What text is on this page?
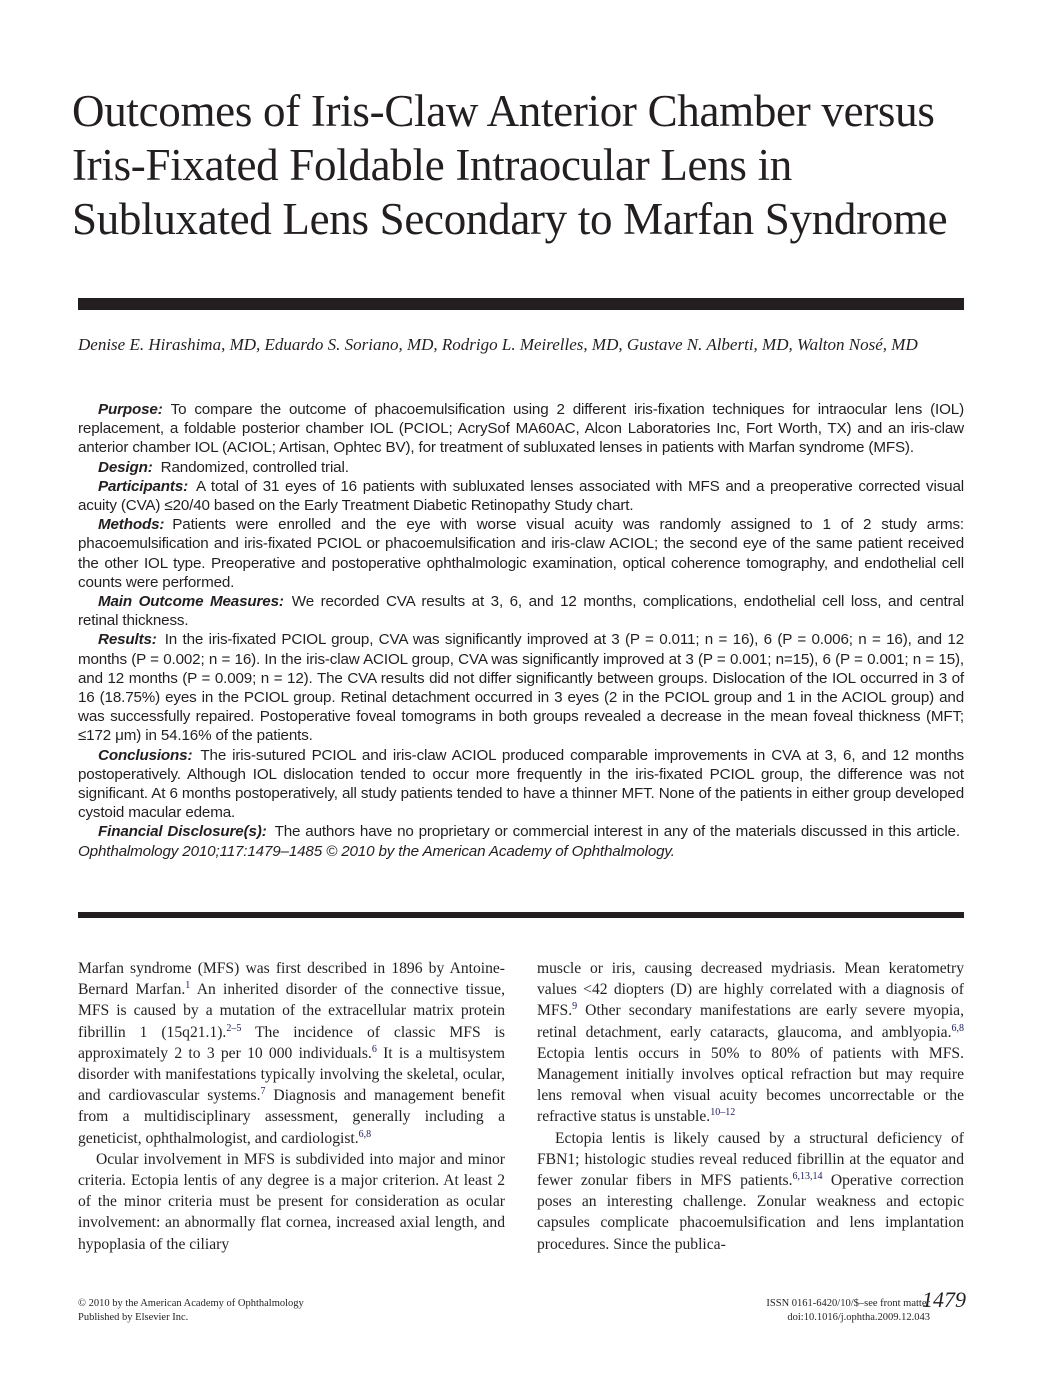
Outcomes of Iris-Claw Anterior Chamber versus Iris-Fixated Foldable Intraocular Lens in Subluxated Lens Secondary to Marfan Syndrome
Denise E. Hirashima, MD, Eduardo S. Soriano, MD, Rodrigo L. Meirelles, MD, Gustave N. Alberti, MD, Walton Nosé, MD

Purpose: To compare the outcome of phacoemulsification using 2 different iris-fixation techniques for intraocular lens (IOL) replacement, a foldable posterior chamber IOL (PCIOL; AcrySof MA60AC, Alcon Laboratories Inc, Fort Worth, TX) and an iris-claw anterior chamber IOL (ACIOL; Artisan, Ophtec BV), for treatment of subluxated lenses in patients with Marfan syndrome (MFS).

Design: Randomized, controlled trial.

Participants: A total of 31 eyes of 16 patients with subluxated lenses associated with MFS and a preoperative corrected visual acuity (CVA) ≤20/40 based on the Early Treatment Diabetic Retinopathy Study chart.

Methods: Patients were enrolled and the eye with worse visual acuity was randomly assigned to 1 of 2 study arms: phacoemulsification and iris-fixated PCIOL or phacoemulsification and iris-claw ACIOL; the second eye of the same patient received the other IOL type. Preoperative and postoperative ophthalmologic examination, optical coherence tomography, and endothelial cell counts were performed.

Main Outcome Measures: We recorded CVA results at 3, 6, and 12 months, complications, endothelial cell loss, and central retinal thickness.

Results: In the iris-fixated PCIOL group, CVA was significantly improved at 3 (P = 0.011; n = 16), 6 (P = 0.006; n = 16), and 12 months (P = 0.002; n = 16). In the iris-claw ACIOL group, CVA was significantly improved at 3 (P = 0.001; n=15), 6 (P = 0.001; n = 15), and 12 months (P = 0.009; n = 12). The CVA results did not differ significantly between groups. Dislocation of the IOL occurred in 3 of 16 (18.75%) eyes in the PCIOL group. Retinal detachment occurred in 3 eyes (2 in the PCIOL group and 1 in the ACIOL group) and was successfully repaired. Postoperative foveal tomograms in both groups revealed a decrease in the mean foveal thickness (MFT; ≤172 μm) in 54.16% of the patients.

Conclusions: The iris-sutured PCIOL and iris-claw ACIOL produced comparable improvements in CVA at 3, 6, and 12 months postoperatively. Although IOL dislocation tended to occur more frequently in the iris-fixated PCIOL group, the difference was not significant. At 6 months postoperatively, all study patients tended to have a thinner MFT. None of the patients in either group developed cystoid macular edema.

Financial Disclosure(s): The authors have no proprietary or commercial interest in any of the materials discussed in this article.  Ophthalmology 2010;117:1479–1485 © 2010 by the American Academy of Ophthalmology.

Marfan syndrome (MFS) was first described in 1896 by Antoine-Bernard Marfan.$^1$ An inherited disorder of the connective tissue, MFS is caused by a mutation of the extracellular matrix protein fibrillin 1 (15q21.1).$^{2-5}$ The incidence of classic MFS is approximately 2 to 3 per 10 000 individuals.$^6$ It is a multisystem disorder with manifestations typically involving the skeletal, ocular, and cardiovascular systems.$^7$ Diagnosis and management benefit from a multidisciplinary assessment, generally including a geneticist, ophthalmologist, and cardiologist.$^{6,8}$

Ocular involvement in MFS is subdivided into major and minor criteria. Ectopia lentis of any degree is a major criterion. At least 2 of the minor criteria must be present for consideration as ocular involvement: an abnormally flat cornea, increased axial length, and hypoplasia of the ciliary

muscle or iris, causing decreased mydriasis. Mean keratometry values <42 diopters (D) are highly correlated with a diagnosis of MFS.$^9$ Other secondary manifestations are early severe myopia, retinal detachment, early cataracts, glaucoma, and amblyopia.$^{6,8}$ Ectopia lentis occurs in 50% to 80% of patients with MFS. Management initially involves optical refraction but may require lens removal when visual acuity becomes uncorrectable or the refractive status is unstable.$^{10-12}$

Ectopia lentis is likely caused by a structural deficiency of FBN1; histologic studies reveal reduced fibrillin at the equator and fewer zonular fibers in MFS patients.$^{6,13,14}$ Operative correction poses an interesting challenge. Zonular weakness and ectopic capsules complicate phacoemulsification and lens implantation procedures. Since the publica-

© 2010 by the American Academy of Ophthalmology
Published by Elsevier Inc.
ISSN 0161-6420/10/$–see front matter
doi:10.1016/j.ophtha.2009.12.043
1479
